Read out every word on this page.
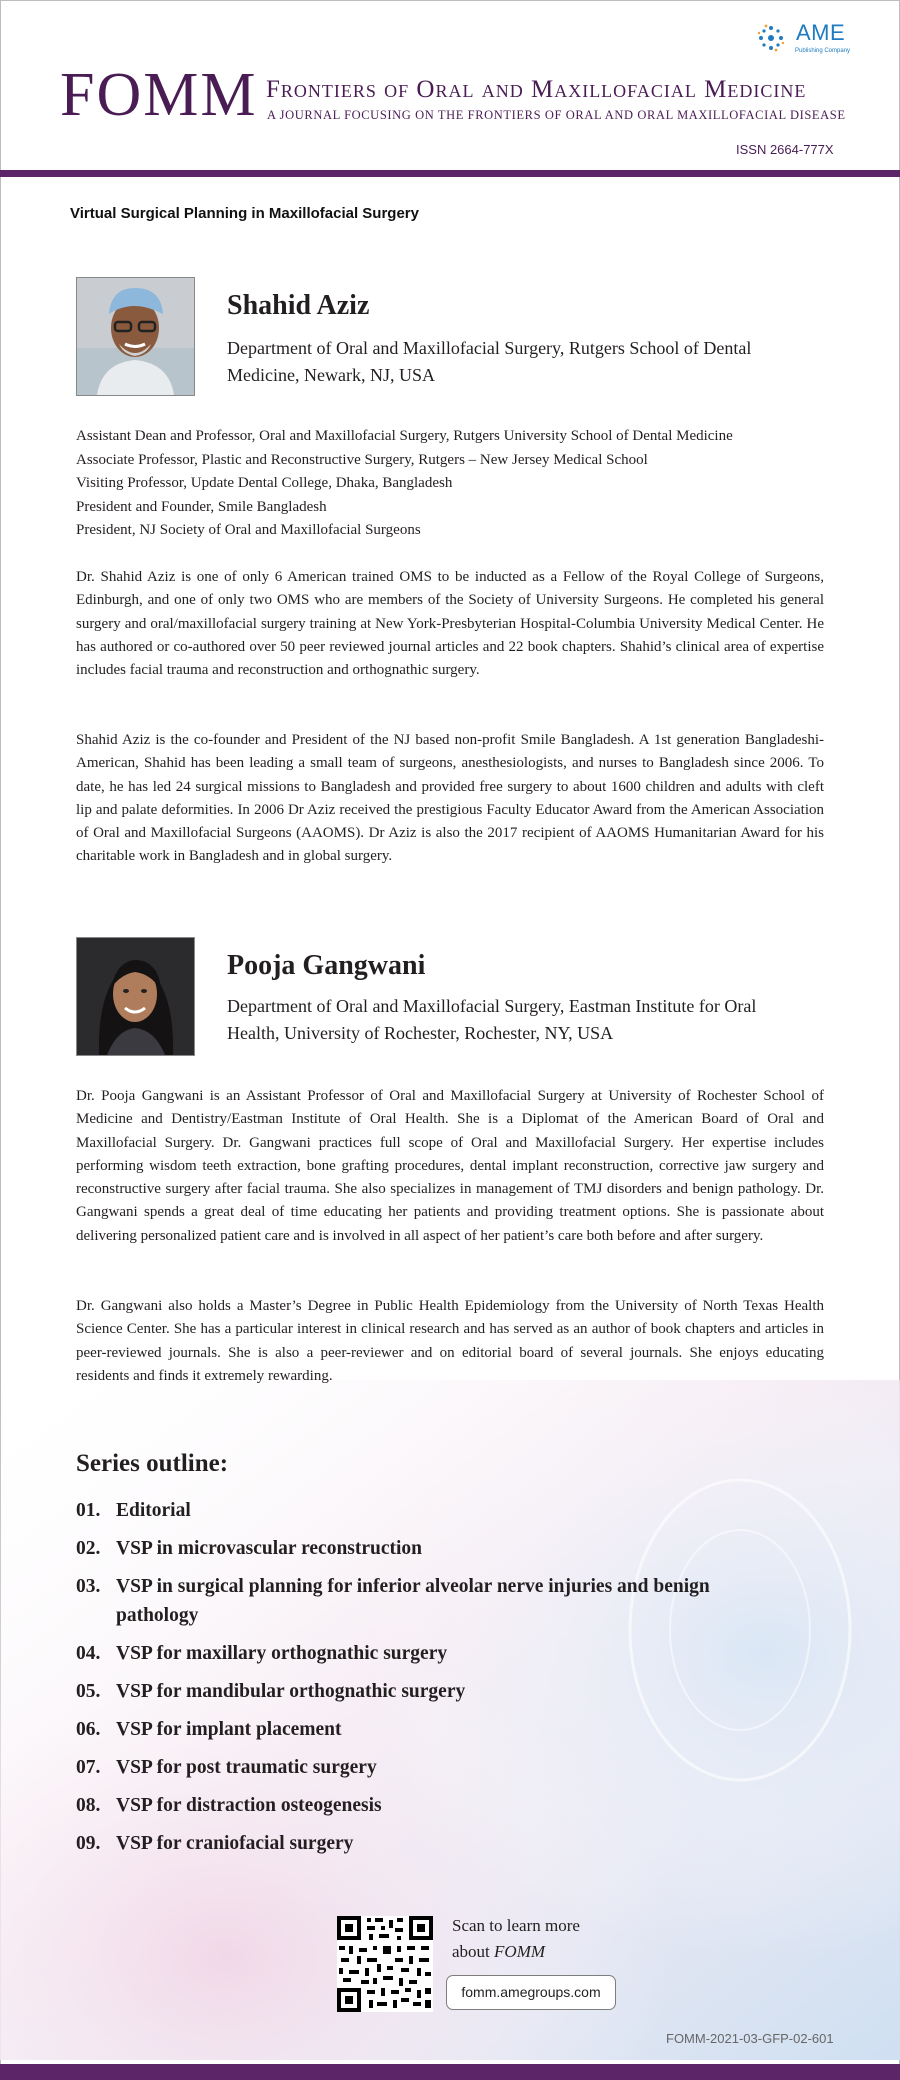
AME
Publishing Company
FOMM Frontiers of Oral and Maxillofacial Medicine
A JOURNAL FOCUSING ON THE FRONTIERS OF ORAL AND ORAL MAXILLOFACIAL DISEASE
ISSN 2664-777X
Virtual Surgical Planning in Maxillofacial Surgery
Shahid Aziz
Department of Oral and Maxillofacial Surgery, Rutgers School of Dental
Medicine, Newark, NJ, USA
Assistant Dean and Professor, Oral and Maxillofacial Surgery, Rutgers University School of Dental Medicine
Associate Professor, Plastic and Reconstructive Surgery, Rutgers – New Jersey Medical School
Visiting Professor, Update Dental College, Dhaka, Bangladesh
President and Founder, Smile Bangladesh
President, NJ Society of Oral and Maxillofacial Surgeons
Dr. Shahid Aziz is one of only 6 American trained OMS to be inducted as a Fellow of the Royal College of Surgeons, Edinburgh, and one of only two OMS who are members of the Society of University Surgeons. He completed his general surgery and oral/maxillofacial surgery training at New York-Presbyterian Hospital-Columbia University Medical Center. He has authored or co-authored over 50 peer reviewed journal articles and 22 book chapters. Shahid’s clinical area of expertise includes facial trauma and reconstruction and orthognathic surgery.
Shahid Aziz is the co-founder and President of the NJ based non-profit Smile Bangladesh. A 1st generation Bangladeshi-American, Shahid has been leading a small team of surgeons, anesthesiologists, and nurses to Bangladesh since 2006. To date, he has led 24 surgical missions to Bangladesh and provided free surgery to about 1600 children and adults with cleft lip and palate deformities. In 2006 Dr Aziz received the prestigious Faculty Educator Award from the American Association of Oral and Maxillofacial Surgeons (AAOMS). Dr Aziz is also the 2017 recipient of AAOMS Humanitarian Award for his charitable work in Bangladesh and in global surgery.
Pooja Gangwani
Department of Oral and Maxillofacial Surgery, Eastman Institute for Oral
Health, University of Rochester, Rochester, NY, USA
Dr. Pooja Gangwani is an Assistant Professor of Oral and Maxillofacial Surgery at University of Rochester School of Medicine and Dentistry/Eastman Institute of Oral Health. She is a Diplomat of the American Board of Oral and Maxillofacial Surgery. Dr. Gangwani practices full scope of Oral and Maxillofacial Surgery. Her expertise includes performing wisdom teeth extraction, bone grafting procedures, dental implant reconstruction, corrective jaw surgery and reconstructive surgery after facial trauma. She also specializes in management of TMJ disorders and benign pathology. Dr. Gangwani spends a great deal of time educating her patients and providing treatment options. She is passionate about delivering personalized patient care and is involved in all aspect of her patient’s care both before and after surgery.
Dr. Gangwani also holds a Master’s Degree in Public Health Epidemiology from the University of North Texas Health Science Center. She has a particular interest in clinical research and has served as an author of book chapters and articles in peer-reviewed journals. She is also a peer-reviewer and on editorial board of several journals. She enjoys educating residents and finds it extremely rewarding.
Series outline:
01. Editorial
02. VSP in microvascular reconstruction
03. VSP in surgical planning for inferior alveolar nerve injuries and benign pathology
04. VSP for maxillary orthognathic surgery
05. VSP for mandibular orthognathic surgery
06. VSP for implant placement
07. VSP for post traumatic surgery
08. VSP for distraction osteogenesis
09. VSP for craniofacial surgery
Scan to learn more
about FOMM
fomm.amegroups.com
FOMM-2021-03-GFP-02-601
